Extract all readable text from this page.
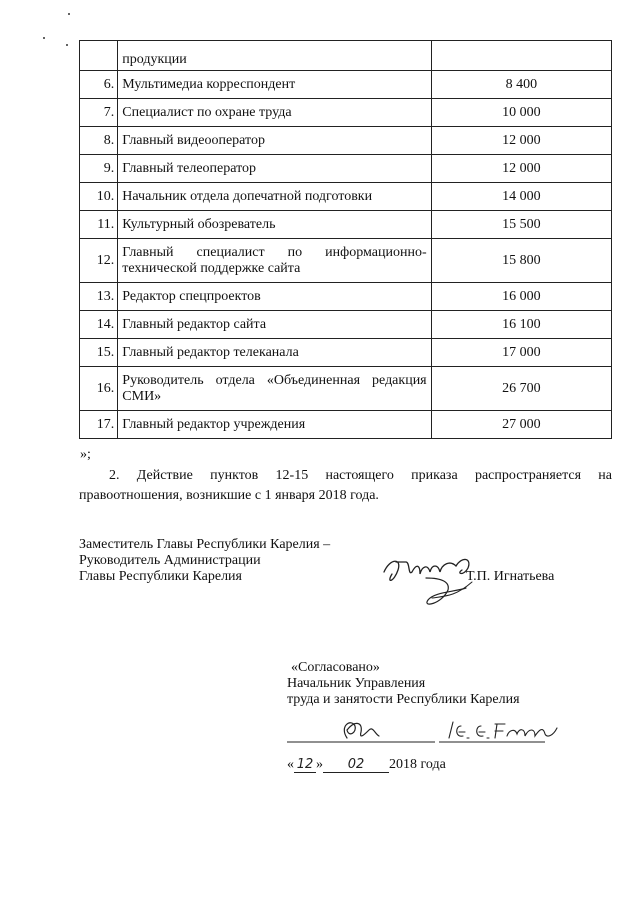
	продукции	
6.	Мультимедиа корреспондент	8 400
7.	Специалист по охране труда	10 000
8.	Главный видеооператор	12 000
9.	Главный телеоператор	12 000
10.	Начальник отдела допечатной подготовки	14 000
11.	Культурный обозреватель	15 500
12.	Главный специалист по информационно-технической поддержке сайта	15 800
13.	Редактор спецпроектов	16 000
14.	Главный редактор сайта	16 100
15.	Главный редактор телеканала	17 000
16.	Руководитель отдела «Объединенная редакция СМИ»	26 700
17.	Главный редактор учреждения	27 000
»;
2. Действие пунктов 12-15 настоящего приказа распространяется на
правоотношения, возникшие с 1 января 2018 года.
Заместитель Главы Республики Карелия –
Руководитель Администрации
Главы Республики Карелия	Т.П. Игнатьева
«Согласовано»
Начальник Управления
труда и занятости Республики Карелия
« 12 » 02 2018 года
